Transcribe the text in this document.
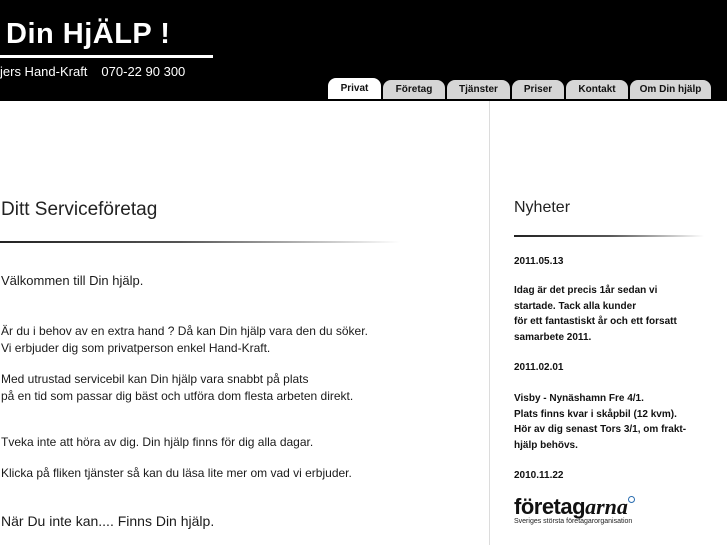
Din HjÄLP !
jers Hand-Kraft 070-22 90 300
Privat	Företag	Tjänster	Priser	Kontakt	Om Din hjälp
Ditt Serviceföretag
Välkommen till Din hjälp.
Är du i behov av en extra hand ? Då kan Din hjälp vara den du söker.
Vi erbjuder dig som privatperson enkel Hand-Kraft.
Med utrustad servicebil kan Din hjälp vara snabbt på plats
på en tid som passar dig bäst och utföra dom flesta arbeten direkt.
Tveka inte att höra av dig. Din hjälp finns för dig alla dagar.
Klicka på fliken tjänster så kan du läsa lite mer om vad vi erbjuder.
När Du inte kan.... Finns Din hjälp.
Nyheter
2011.05.13
Idag är det precis 1år sedan vi
startade. Tack alla kunder
för ett fantastiskt år och ett forsatt
samarbete 2011.
2011.02.01
Visby - Nynäshamn Fre 4/1.
Plats finns kvar i skåpbil (12 kvm).
Hör av dig senast Tors 3/1, om frakt-
hjälp behövs.
2010.11.22
företagarna
Sveriges största företagarorganisation
